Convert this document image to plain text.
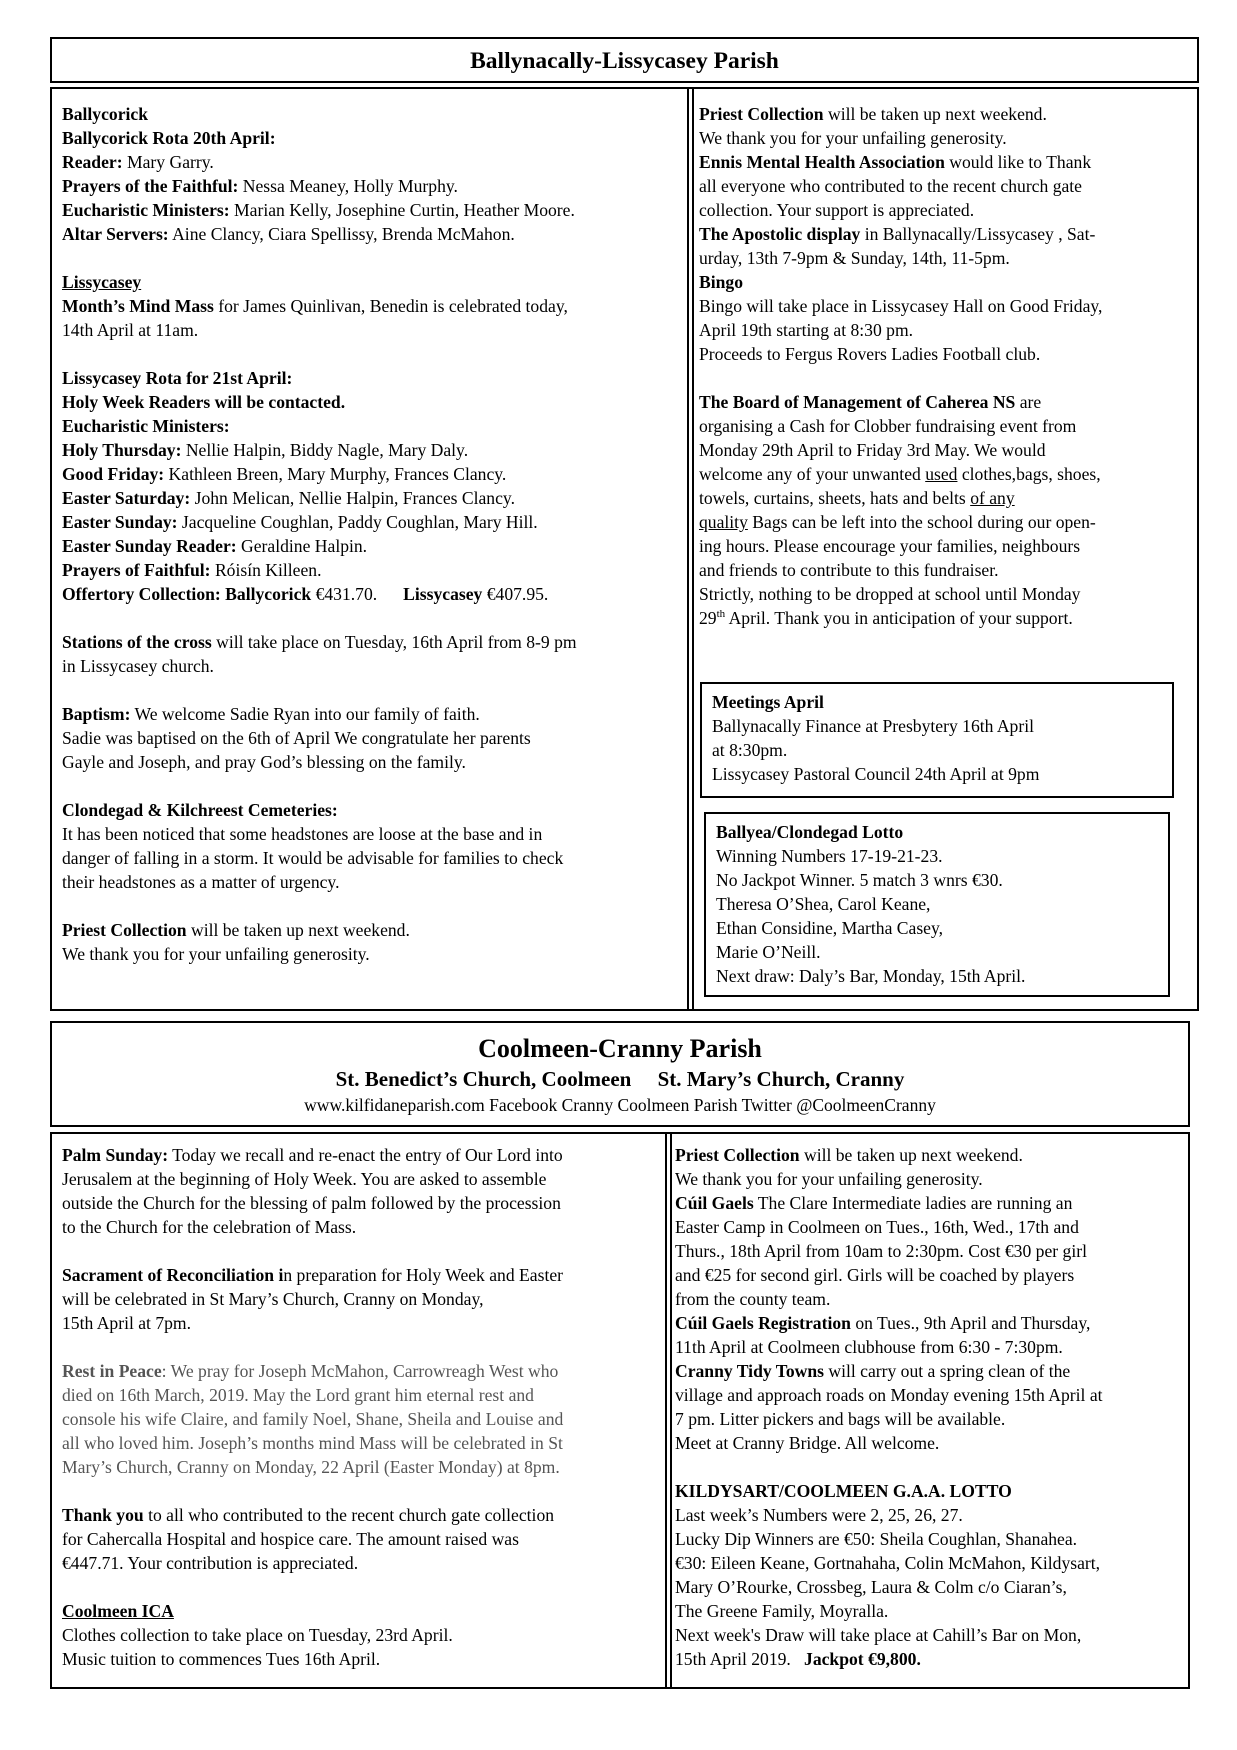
Ballynacally-Lissycasey Parish

Ballycorick

Ballycorick Rota 20th April:

Reader: Mary Garry.

Prayers of the Faithful: Nessa Meaney, Holly Murphy.

Eucharistic Ministers: Marian Kelly, Josephine Curtin, Heather Moore.

Altar Servers: Aine Clancy, Ciara Spellissy, Brenda McMahon.

Lissycasey

Month’s Mind Mass for James Quinlivan, Benedin is celebrated today,

14th April at 11am.

Lissycasey Rota for 21st April:

Holy Week Readers will be contacted.

Eucharistic Ministers:

Holy Thursday: Nellie Halpin, Biddy Nagle, Mary Daly.

Good Friday: Kathleen Breen, Mary Murphy, Frances Clancy.

Easter Saturday: John Melican, Nellie Halpin, Frances Clancy.

Easter Sunday: Jacqueline Coughlan, Paddy Coughlan, Mary Hill.

Easter Sunday Reader: Geraldine Halpin.

Prayers of Faithful: Róisín Killeen.

Offertory Collection: Ballycorick €431.70. Lissycasey €407.95.

Stations of the cross will take place on Tuesday, 16th April from 8-9 pm

in Lissycasey church.

Baptism: We welcome Sadie Ryan into our family of faith.

Sadie was baptised on the 6th of April We congratulate her parents

Gayle and Joseph, and pray God’s blessing on the family.

Clondegad & Kilchreest Cemeteries:

It has been noticed that some headstones are loose at the base and in

danger of falling in a storm. It would be advisable for families to check

their headstones as a matter of urgency.

Priest Collection will be taken up next weekend.

We thank you for your unfailing generosity.

Priest Collection will be taken up next weekend.

We thank you for your unfailing generosity.

Ennis Mental Health Association would like to Thank

all everyone who contributed to the recent church gate

collection. Your support is appreciated.

The Apostolic display in Ballynacally/Lissycasey , Sat-

urday, 13th 7-9pm & Sunday, 14th, 11-5pm.

Bingo

Bingo will take place in Lissycasey Hall on Good Friday,

April 19th starting at 8:30 pm.

Proceeds to Fergus Rovers Ladies Football club.

The Board of Management of Caherea NS are

organising a Cash for Clobber fundraising event from

Monday 29th April to Friday 3rd May. We would

welcome any of your unwanted used clothes,bags, shoes,

towels, curtains, sheets, hats and belts of any

quality Bags can be left into the school during our open-

ing hours. Please encourage your families, neighbours

and friends to contribute to this fundraiser.

Strictly, nothing to be dropped at school until Monday

29th April. Thank you in anticipation of your support.

Meetings April

Ballynacally Finance at Presbytery 16th April

at 8:30pm.

Lissycasey Pastoral Council 24th April at 9pm

Ballyea/Clondegad Lotto

Winning Numbers 17-19-21-23.

No Jackpot Winner. 5 match 3 wnrs €30.

Theresa O’Shea, Carol Keane,

Ethan Considine, Martha Casey,

Marie O’Neill.

Next draw: Daly’s Bar, Monday, 15th April.

Coolmeen-Cranny Parish
St. Benedict’s Church, Coolmeen     St. Mary’s Church, Cranny
www.kilfidaneparish.com Facebook Cranny Coolmeen Parish Twitter @CoolmeenCranny

Palm Sunday: Today we recall and re-enact the entry of Our Lord into

Jerusalem at the beginning of Holy Week. You are asked to assemble

outside the Church for the blessing of palm followed by the procession

to the Church for the celebration of Mass.

Sacrament of Reconciliation in preparation for Holy Week and Easter

will be celebrated in St Mary’s Church, Cranny on Monday,

15th April at 7pm.

Rest in Peace: We pray for Joseph McMahon, Carrowreagh West who

died on 16th March, 2019. May the Lord grant him eternal rest and

console his wife Claire, and family Noel, Shane, Sheila and Louise and

all who loved him. Joseph’s months mind Mass will be celebrated in St

Mary’s Church, Cranny on Monday, 22 April (Easter Monday) at 8pm.

Thank you to all who contributed to the recent church gate collection

for Cahercalla Hospital and hospice care. The amount raised was

€447.71. Your contribution is appreciated.

Coolmeen ICA

Clothes collection to take place on Tuesday, 23rd April.

Music tuition to commences Tues 16th April.

Priest Collection will be taken up next weekend.

We thank you for your unfailing generosity.

Cúil Gaels The Clare Intermediate ladies are running an

Easter Camp in Coolmeen on Tues., 16th, Wed., 17th and

Thurs., 18th April from 10am to 2:30pm. Cost €30 per girl

and €25 for second girl. Girls will be coached by players

from the county team.

Cúil Gaels Registration on Tues., 9th April and Thursday,

11th April at Coolmeen clubhouse from 6:30 - 7:30pm.

Cranny Tidy Towns will carry out a spring clean of the

village and approach roads on Monday evening 15th April at

7 pm. Litter pickers and bags will be available.

Meet at Cranny Bridge. All welcome.

KILDYSART/COOLMEEN G.A.A. LOTTO

Last week’s Numbers were 2, 25, 26, 27.

Lucky Dip Winners are €50: Sheila Coughlan, Shanahea.

€30: Eileen Keane, Gortnahaha, Colin McMahon, Kildysart,

Mary O’Rourke, Crossbeg, Laura & Colm c/o Ciaran’s,

The Greene Family, Moyralla.

Next week's Draw will take place at Cahill’s Bar on Mon,

15th April 2019.   Jackpot €9,800.
